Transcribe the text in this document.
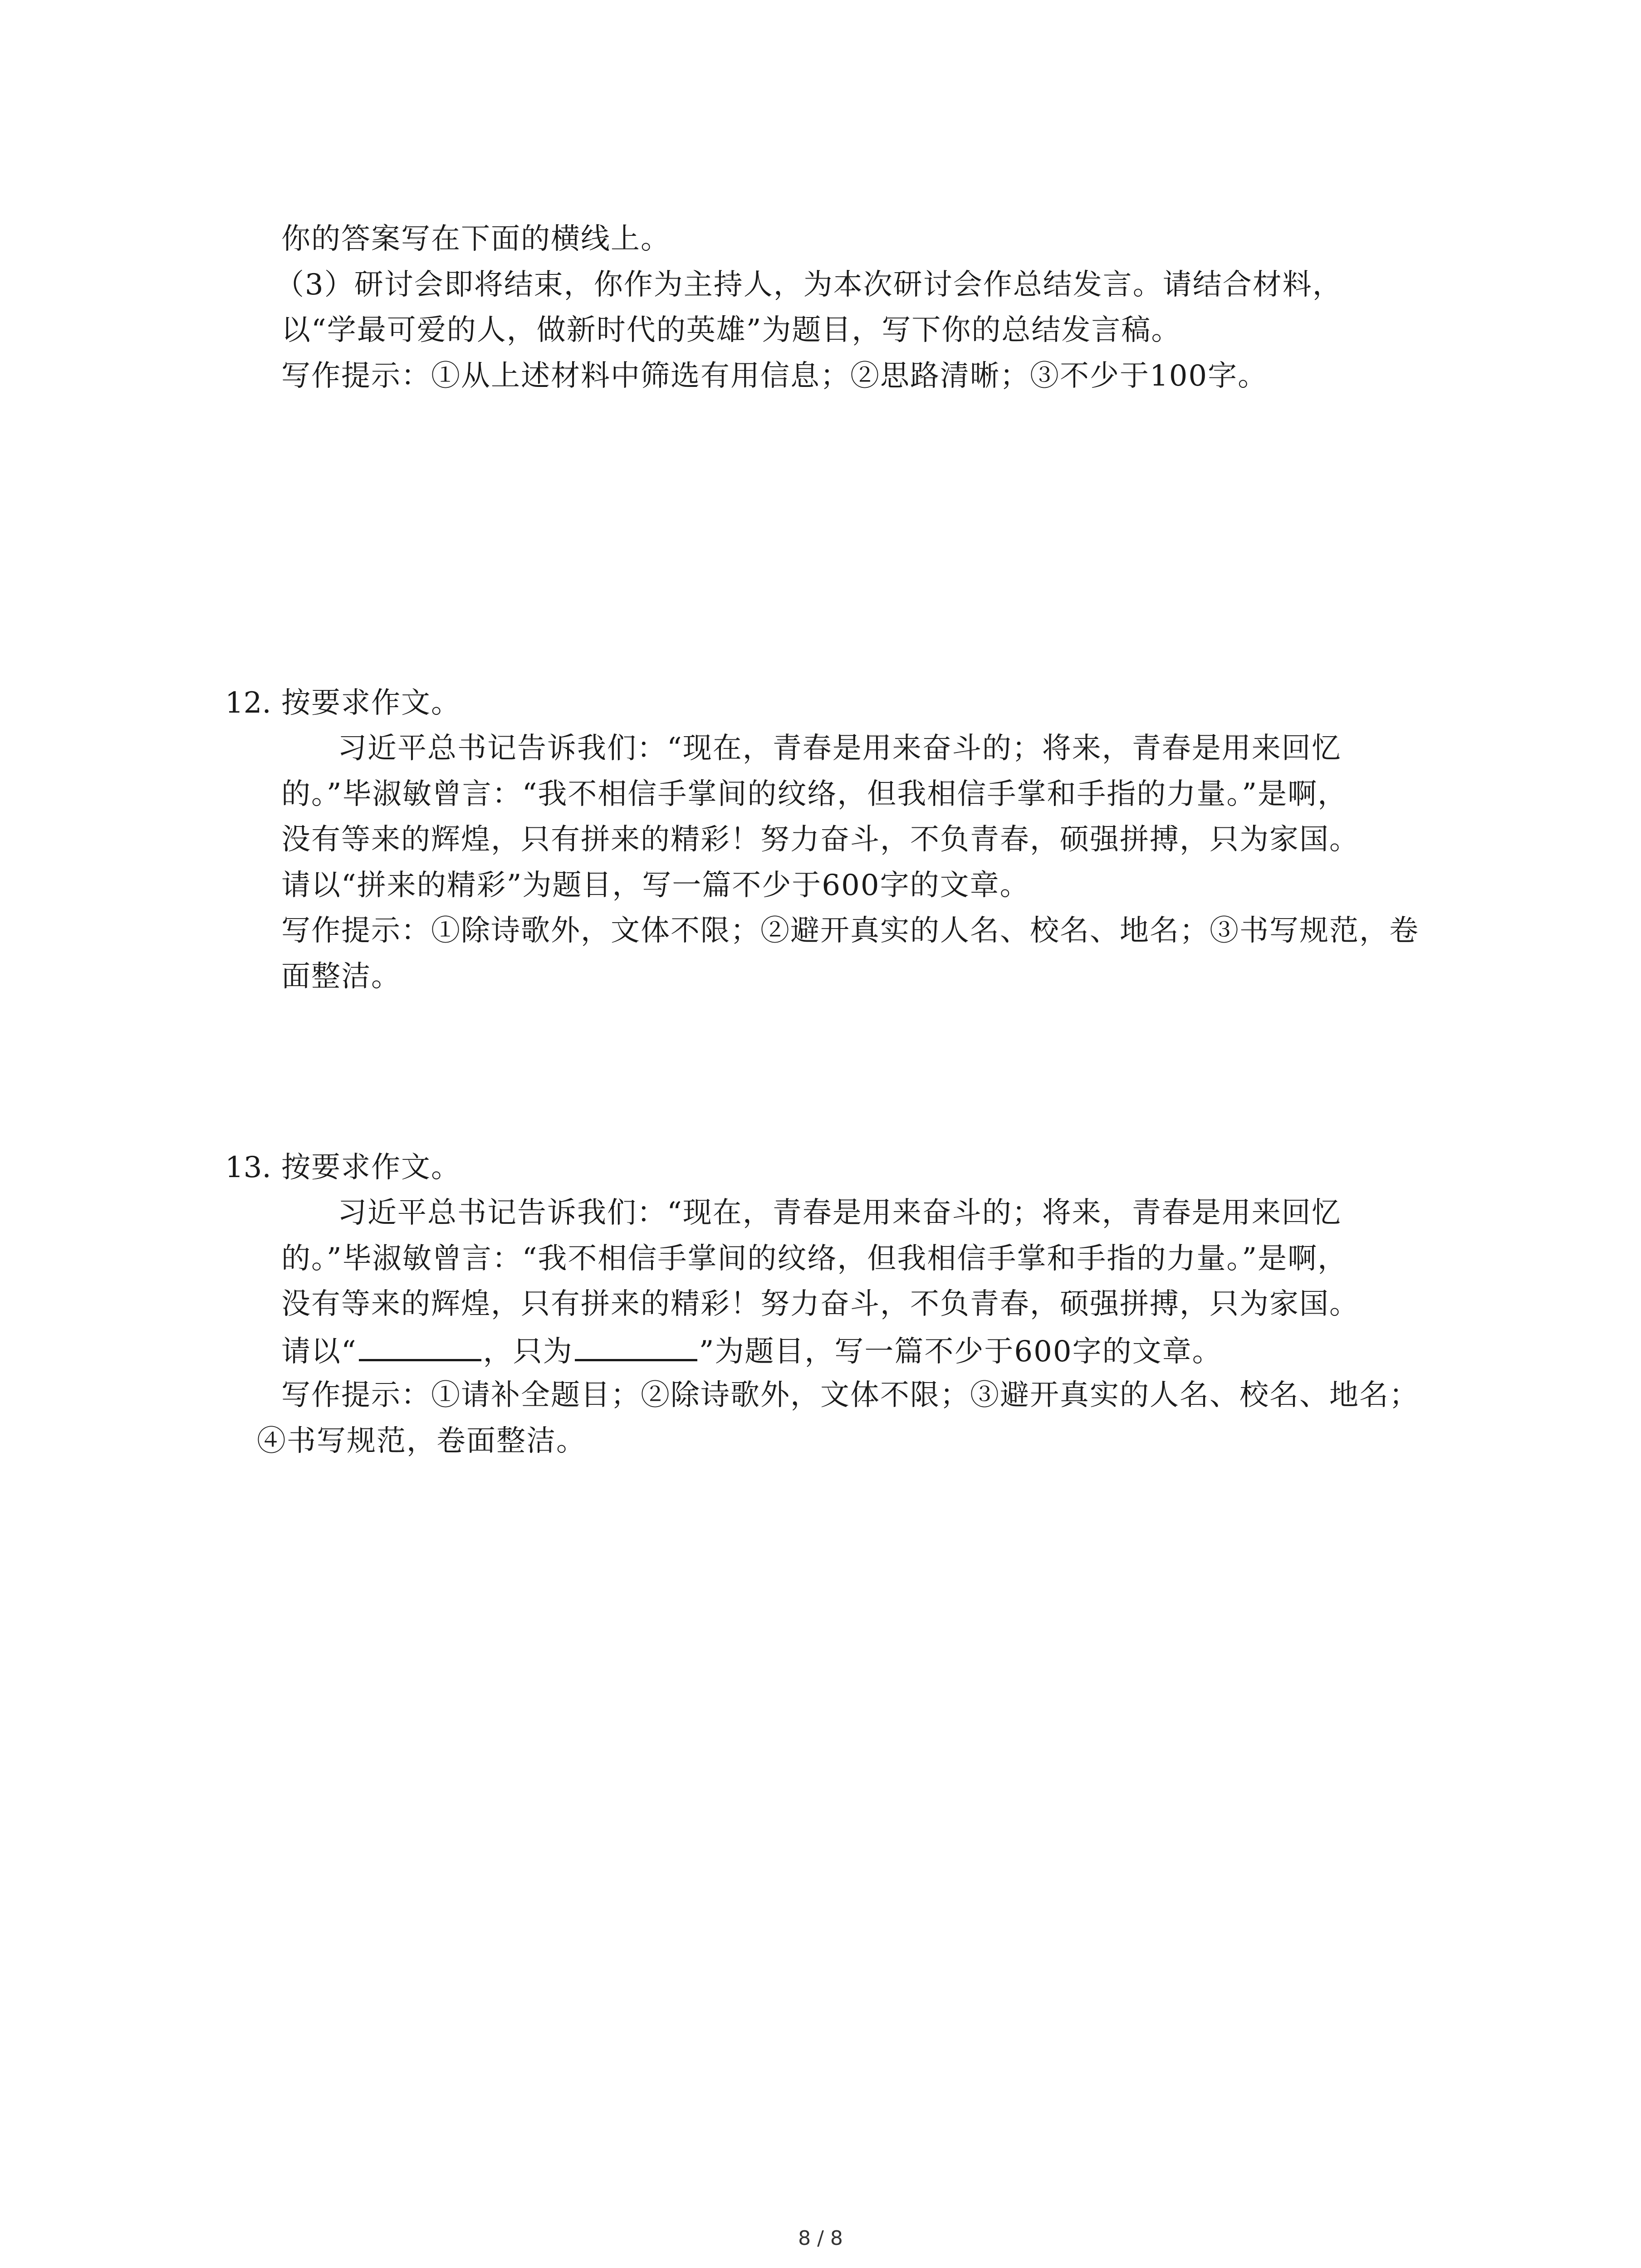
你的答案写在下面的横线上。
（3）研讨会即将结束，你作为主持人，为本次研讨会作总结发言。请结合材料，
以“学最可爱的人，做新时代的英雄”为题目，写下你的总结发言稿。
写作提示：①从上述材料中筛选有用信息；②思路清晰；③不少于100字。
12. 按要求作文。
习近平总书记告诉我们：“现在，青春是用来奋斗的；将来，青春是用来回忆
的。”毕淑敏曾言：“我不相信手掌间的纹络，但我相信手掌和手指的力量。”是啊，
没有等来的辉煌，只有拼来的精彩！努力奋斗，不负青春，硕强拼搏，只为家国。
请以“拼来的精彩”为题目，写一篇不少于600字的文章。
写作提示：①除诗歌外，文体不限；②避开真实的人名、校名、地名；③书写规范，卷
面整洁。
13. 按要求作文。
习近平总书记告诉我们：“现在，青春是用来奋斗的；将来，青春是用来回忆
的。”毕淑敏曾言：“我不相信手掌间的纹络，但我相信手掌和手指的力量。”是啊，
没有等来的辉煌，只有拼来的精彩！努力奋斗，不负青春，硕强拼搏，只为家国。
请以“	，只为	”为题目，写一篇不少于600字的文章。
写作提示：①请补全题目；②除诗歌外，文体不限；③避开真实的人名、校名、地名；
④书写规范，卷面整洁。
8 / 8
